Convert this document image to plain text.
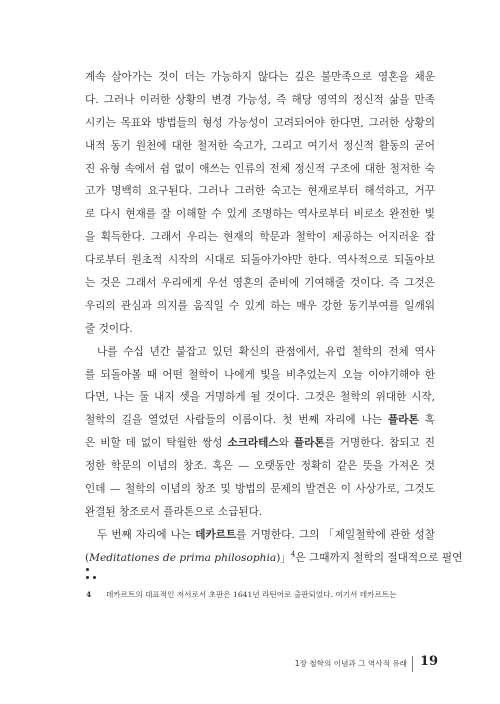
계속 살아가는 것이 더는 가능하지 않다는 깊은 불만족으로 영혼을 채운
다. 그러나 이러한 상황의 변경 가능성, 즉 해당 영역의 정신적 삶을 만족
시키는 목표와 방법들의 형성 가능성이 고려되어야 한다면, 그러한 상황의
내적 동기 원천에 대한 철저한 숙고가, 그리고 여기서 정신적 활동의 굳어
진 유형 속에서 쉼 없이 애쓰는 인류의 전체 정신적 구조에 대한 철저한 숙
고가 명백히 요구된다. 그러나 그러한 숙고는 현재로부터 해석하고, 거꾸
로 다시 현재를 잘 이해할 수 있게 조명하는 역사로부터 비로소 완전한 빛
을 획득한다. 그래서 우리는 현재의 학문과 철학이 제공하는 어지러운 잡
다로부터 원초적 시작의 시대로 되돌아가야만 한다. 역사적으로 되돌아보
는 것은 그래서 우리에게 우선 영혼의 준비에 기여해줄 것이다. 즉 그것은
우리의 관심과 의지를 움직일 수 있게 하는 매우 강한 동기부여를 일깨워
줄 것이다.
나를 수십 년간 붙잡고 있던 확신의 관점에서, 유럽 철학의 전체 역사
를 되돌아볼 때 어떤 철학이 나에게 빛을 비추었는지 오늘 이야기해야 한
다면, 나는 둘 내지 셋을 거명하게 될 것이다. 그것은 철학의 위대한 시작,
철학의 길을 열었던 사람들의 이름이다. 첫 번째 자리에 나는 플라톤 혹
은 비할 데 없이 탁월한 쌍성 소크라테스와 플라톤를 거명한다. 참되고 진
정한 학문의 이념의 창조. 혹은 — 오랫동안 정확히 같은 뜻을 가져온 것
인데 — 철학의 이념의 창조 및 방법의 문제의 발견은 이 사상가로, 그것도
완결된 창조로서 플라톤으로 소급된다.
두 번째 자리에 나는 데카르트를 거명한다. 그의 「제일철학에 관한 성찰
(Meditationes de prima philosophia)」$^4$은 그때까지 철학의 절대적으로 필연
4 데카르트의 대표적인 저서로서 초판은 1641년 라틴어로 출판되었다. 여기서 데카르트는
1장 철학의 이념과 그 역사적 유래 19
